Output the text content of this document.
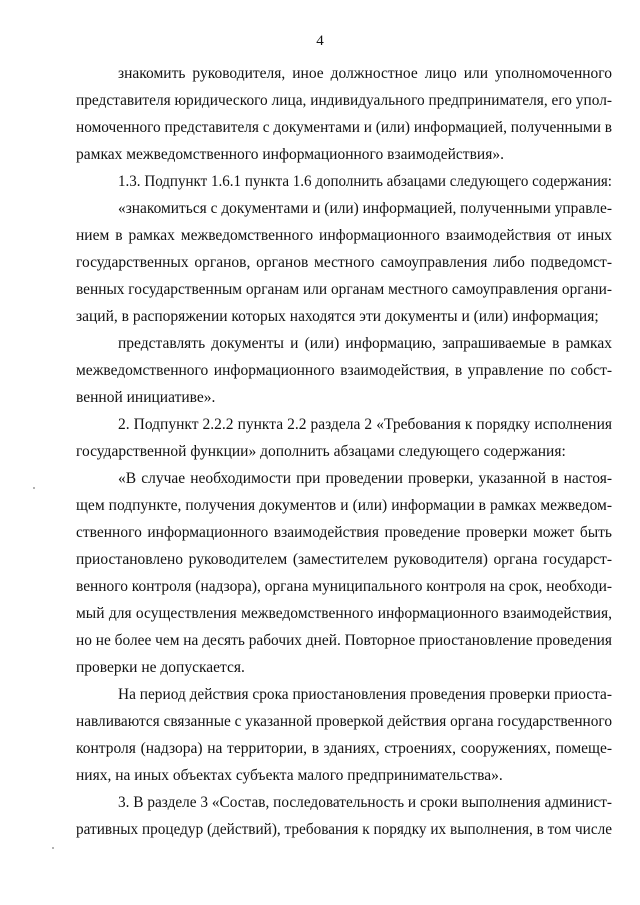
4
знакомить руководителя, иное должностное лицо или уполномоченного
представителя юридического лица, индивидуального предпринимателя, его упол-
номоченного представителя с документами и (или) информацией, полученными в
рамках межведомственного информационного взаимодействия».
1.3. Подпункт 1.6.1 пункта 1.6 дополнить абзацами следующего содержания:
«знакомиться с документами и (или) информацией, полученными управле-
нием в рамках межведомственного информационного взаимодействия от иных
государственных органов, органов местного самоуправления либо подведомст-
венных государственным органам или органам местного самоуправления органи-
заций, в распоряжении которых находятся эти документы и (или) информация;
представлять документы и (или) информацию, запрашиваемые в рамках
межведомственного информационного взаимодействия, в управление по собст-
венной инициативе».
2. Подпункт 2.2.2 пункта 2.2 раздела 2 «Требования к порядку исполнения
государственной функции» дополнить абзацами следующего содержания:
«В случае необходимости при проведении проверки, указанной в настоя-
щем подпункте, получения документов и (или) информации в рамках межведом-
ственного информационного взаимодействия проведение проверки может быть
приостановлено руководителем (заместителем руководителя) органа государст-
венного контроля (надзора), органа муниципального контроля на срок, необходи-
мый для осуществления межведомственного информационного взаимодействия,
но не более чем на десять рабочих дней. Повторное приостановление проведения
проверки не допускается.
На период действия срока приостановления проведения проверки приоста-
навливаются связанные с указанной проверкой действия органа государственного
контроля (надзора) на территории, в зданиях, строениях, сооружениях, помеще-
ниях, на иных объектах субъекта малого предпринимательства».
3. В разделе 3 «Состав, последовательность и сроки выполнения админист-
ративных процедур (действий), требования к порядку их выполнения, в том числе
